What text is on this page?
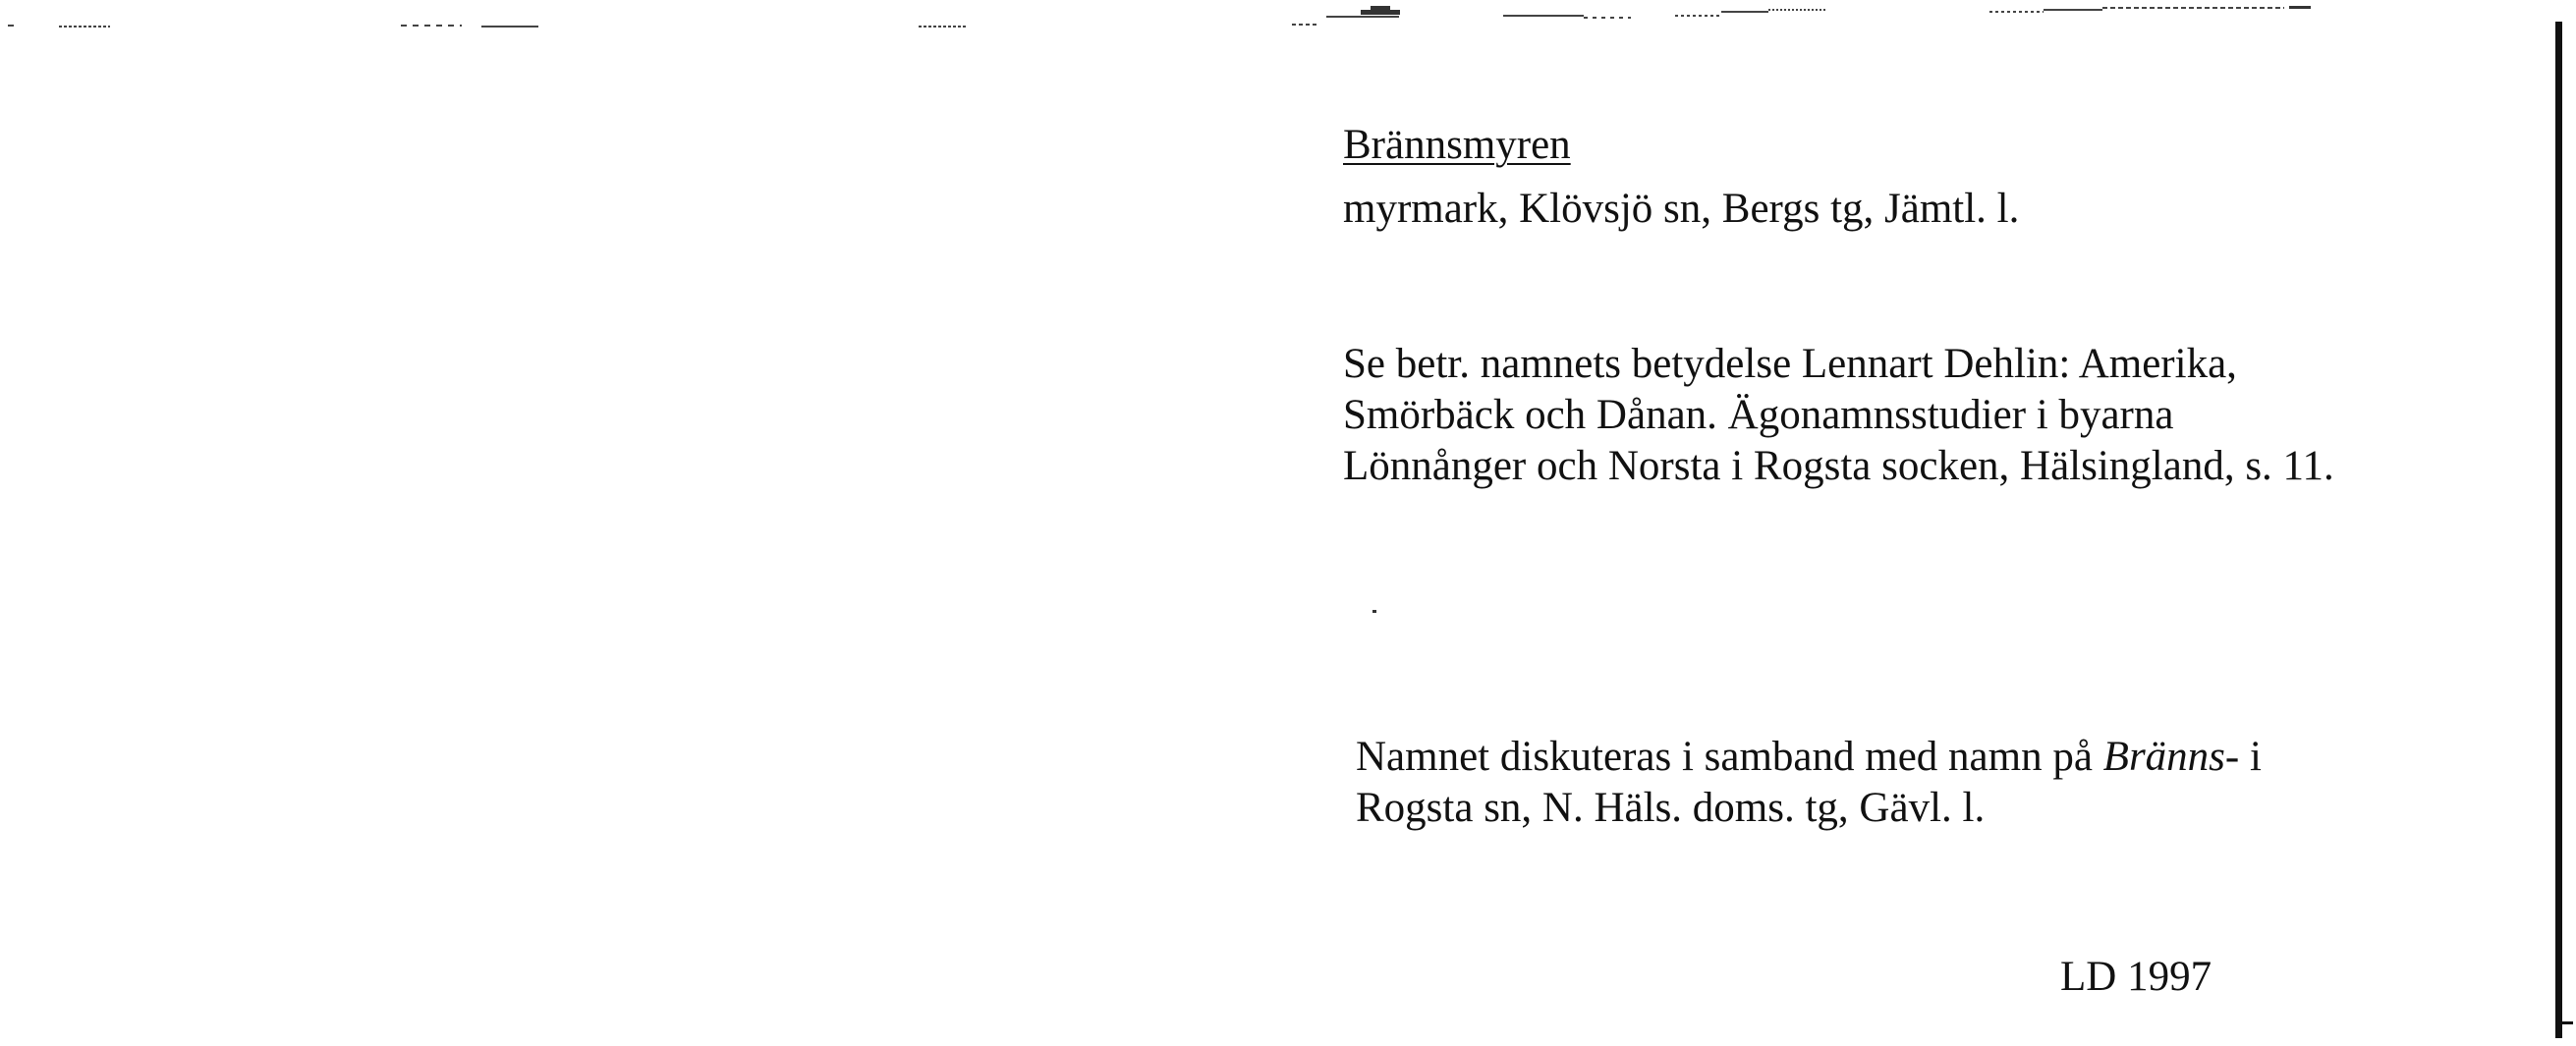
Brännsmyren

myrmark, Klövsjö sn, Bergs tg, Jämtl. l.

Se betr. namnets betydelse Lennart Dehlin: Amerika,
Smörbäck och Dånan. Ägonamnsstudier i byarna
Lönnånger och Norsta i Rogsta socken, Hälsingland, s. 11.
Namnet diskuteras i samband med namn på Bränns- i
Rogsta sn, N. Häls. doms. tg, Gävl. l.

LD 1997
